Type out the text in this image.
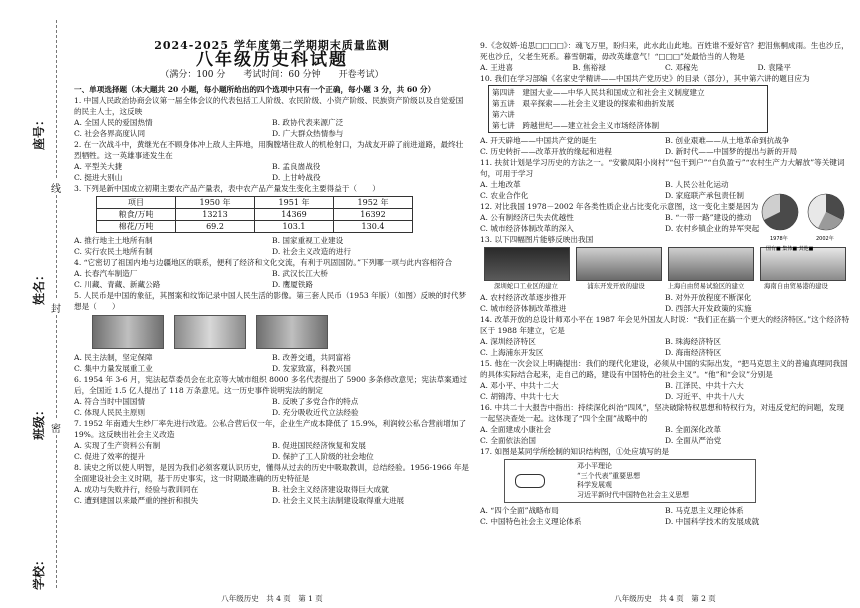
学校：
班级：
姓名：
座号：
密
封
线
2024-2025 学年度第二学期期末质量监测
八年级历史科试题
（满分：100 分　　考试时间：60 分钟　　开卷考试）
一、单项选择题（本大题共 20 小题，每小题所给出的四个选项中只有一个正确，每小题 3 分，共 60 分）
1. 中国人民政治协商会议第一届全体会议的代表包括工人阶级、农民阶级、小资产阶级、民族资产阶级以及自觉爱国的民主人士，这反映
A. 全国人民的爱国热情	B. 政协代表来源广泛
C. 社会各界高度认同	D. 广大群众热情参与
2. 在一次战斗中，黄继光在不顾身体冲上敌人主阵地，用胸膛堵住敌人的机枪射口，为战友开辟了前进道路，最终壮烈牺牲。这一英雄事迹发生在
A. 平型关大捷	B. 孟良崮战役
C. 挺进大别山	D. 上甘岭战役
3. 下列是新中国成立初期主要农产品产量表，表中农产品产量发生变化主要得益于（　　）
项目	1950 年	1951 年	1952 年
粮食/万吨	13213	14369	16392
棉花/万吨	69.2	103.1	130.4
A. 推行地主土地所有制	B. 国家重视工业建设
C. 实行农民土地所有制	D. 社会主义改造的进行
4. “它密切了祖国内地与边疆地区的联系，便利了经济和文化交流，有利于巩固国防。”下列哪一项与此内容相符合
A. 长春汽车制造厂	B. 武汉长江大桥
C. 川藏、青藏、新藏公路	D. 鹰厦铁路
5. 人民币是中国的象征，其图案和纹饰记录中国人民生活的影像。第三套人民币（1953 年版）（如图）反映的时代梦想是（　　）
A. 民主法制，坚定保障	B. 改善交通，共同富裕
C. 集中力量发展重工业	D. 发家致富，科教兴国
6. 1954 年 3-6 月，宪法起草委员会在北京等大城市组织 8000 多名代表提出了 5900 多条修改意见；宪法草案通过后，全国近 1.5 亿人提出了 118 万条意见。这一历史事件说明宪法的制定
A. 符合当时中国国情	B. 反映了多党合作的特点
C. 体现人民民主原则	D. 充分吸收近代立法经验
7. 1952 年南通大生纱厂率先进行改造。公私合营后仅一年，企业生产成本降低了 15.9%，利润较公私合营前增加了 19%。这反映出社会主义改造
A. 实现了生产资料公有制	B. 促进国民经济恢复和发展
C. 促进了效率的提升	D. 保护了工人阶级的社会地位
8. 读史之所以使人明智，是因为我们必须客观认识历史，懂得从过去的历史中吸取教训，总结经验。1956-1966 年是全面建设社会主义时期，基于历史事实，这一时期最准确的历史特征是
A. 成功与失败并行，经验与教训同在	B. 社会主义经济建设取得巨大成就
C. 遭到建国以来最严重的挫折和损失	D. 社会主义民主法制建设取得重大进展
八年级历史　共 4 页　第 1 页
9.《念奴娇·追思□□□□》：魂飞万里，盼归来，此水此山此地。百姓谁不爱好官？把泪焦桐成雨。生也沙丘，死也沙丘，父老生死系。暮雪朝霜，毋改英雄意气！“□□□”处最恰当的人物是
A. 王进喜	B. 焦裕禄	C. 邓稼先	D. 袁隆平
10. 我们在学习部编《名家史学精讲——中国共产党历史》的目录（部分），其中第六讲的题目应为
第四讲　建国大业——中华人民共和国成立和社会主义制度建立
第五讲　艰辛探索——社会主义建设的探索和曲折发展
第六讲
第七讲　跨越世纪——建立社会主义市场经济体制
A. 开天辟地——中国共产党的诞生	B. 创业艰难——从土地革命到抗战争
C. 历史转折——改革开放的缘起和进程	D. 新时代——中国梦的提出与新的开局
11. 扶贫计划是学习历史的方法之一。“安徽凤阳小岗村”“包干到户”“自负盈亏”“农村生产力大解放”等关键词句，可用于学习
A. 土地改革	B. 人民公社化运动
C. 农业合作化	D. 家庭联产承包责任制
12. 对比我国 1978－2002 年各类性质企业占比变化示意图，这一变化主要是因为
A. 公有制经济已失去优越性	B. “一带一路”建设的推动
C. 城市经济体制改革的深入	D. 农村乡镇企业的异军突起
13. 以下四幅图片能够反映出我国
深圳蛇口工业区的建立	浦东开发开放的建设	上海自由贸易试验区的建立	海南自由贸易港的建设
A. 农村经济改革逐步推开	B. 对外开放程度不断深化
C. 城市经济体制改革推进	D. 西部大开发政策的实施
14. 改革开放的总设计师邓小平在 1987 年会见外国友人时说：“我们正在搞一个更大的经济特区。”这个经济特区于 1988 年建立，它是
A. 深圳经济特区	B. 珠海经济特区
C. 上海浦东开发区	D. 海南经济特区
15. 他在一次会议上明确提出：我们的现代化建设，必须从中国的实际出发，“把马克思主义的普遍真理同我国的具体实际结合起来，走自己的路，建设有中国特色的社会主义”。“他”和“会议”分别是
A. 邓小平、中共十二大	B. 江泽民、中共十六大
C. 胡锦涛、中共十七大	D. 习近平、中共十八大
16. 中共二十大报告中指出：持续深化纠治“四风”，坚决破除特权思想和特权行为，对违反党纪的问题，发现一起坚决查处一起。这体现了“四个全面”战略中的
A. 全面建成小康社会	B. 全面深化改革
C. 全面依法治国	D. 全面从严治党
17. 如图是某同学所绘制的知识结构图，①处应填写的是
邓小平理论
“三个代表”重要思想
科学发展观
习近平新时代中国特色社会主义思想
A. “四个全面”战略布局	B. 马克思主义理论体系
C. 中国特色社会主义理论体系	D. 中国科学技术的发展成就
1978年	2002年
国有■ 集体■ 其他■
八年级历史　共 4 页　第 2 页
